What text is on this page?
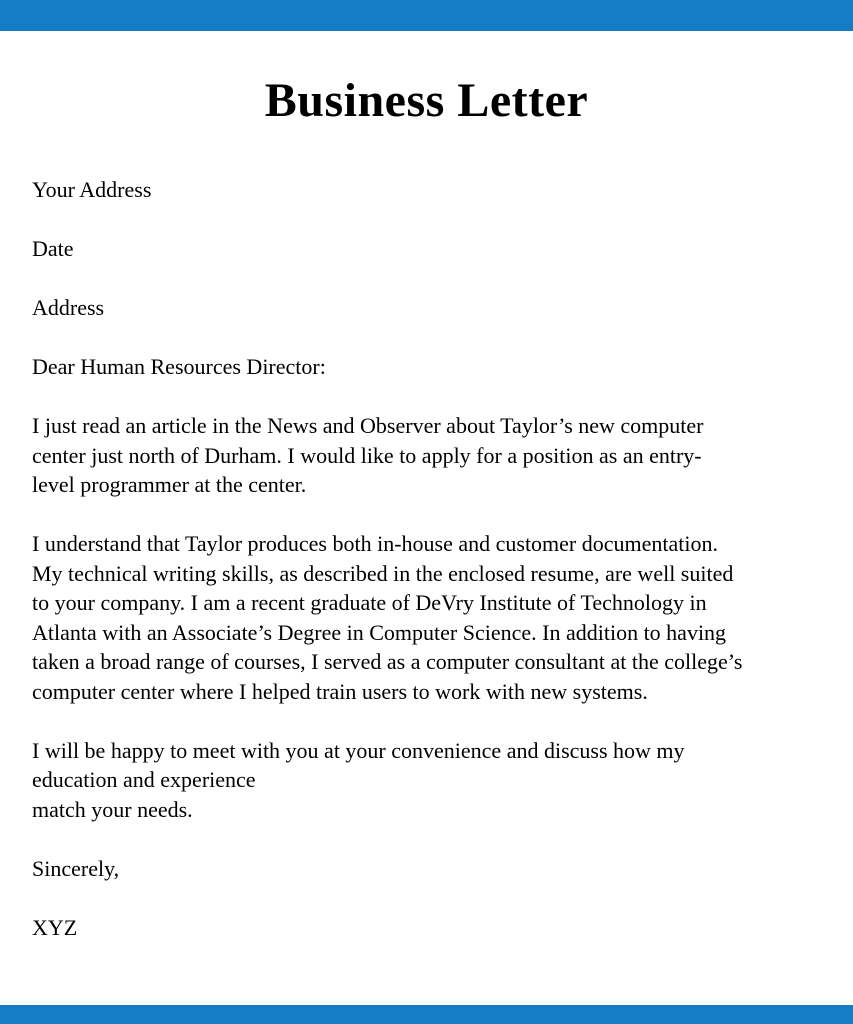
Business Letter

Your Address

Date

Address

Dear Human Resources Director:

I just read an article in the News and Observer about Taylor’s new computer
center just north of Durham. I would like to apply for a position as an entry-
level programmer at the center.
I understand that Taylor produces both in-house and customer documentation.
My technical writing skills, as described in the enclosed resume, are well suited
to your company. I am a recent graduate of DeVry Institute of Technology in
Atlanta with an Associate’s Degree in Computer Science. In addition to having
taken a broad range of courses, I served as a computer consultant at the college’s
computer center where I helped train users to work with new systems.
I will be happy to meet with you at your convenience and discuss how my
education and experience
match your needs.

Sincerely,

XYZ
